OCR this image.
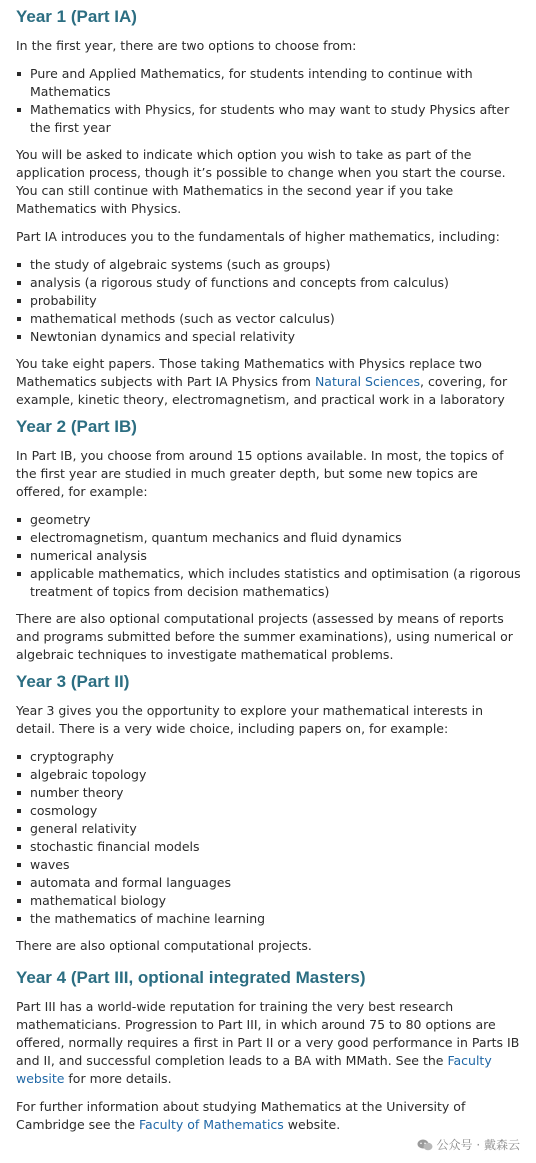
Year 1 (Part IA)

In the first year, there are two options to choose from:

Pure and Applied Mathematics, for students intending to continue with Mathematics
Mathematics with Physics, for students who may want to study Physics after the first year

You will be asked to indicate which option you wish to take as part of the application process, though it’s possible to change when you start the course. You can still continue with Mathematics in the second year if you take Mathematics with Physics.

Part IA introduces you to the fundamentals of higher mathematics, including:

the study of algebraic systems (such as groups)
analysis (a rigorous study of functions and concepts from calculus)
probability
mathematical methods (such as vector calculus)
Newtonian dynamics and special relativity

You take eight papers. Those taking Mathematics with Physics replace two Mathematics subjects with Part IA Physics from Natural Sciences, covering, for example, kinetic theory, electromagnetism, and practical work in a laboratory

Year 2 (Part IB)

In Part IB, you choose from around 15 options available. In most, the topics of the first year are studied in much greater depth, but some new topics are offered, for example:

geometry
electromagnetism, quantum mechanics and fluid dynamics
numerical analysis
applicable mathematics, which includes statistics and optimisation (a rigorous treatment of topics from decision mathematics)

There are also optional computational projects (assessed by means of reports and programs submitted before the summer examinations), using numerical or algebraic techniques to investigate mathematical problems.

Year 3 (Part II)

Year 3 gives you the opportunity to explore your mathematical interests in detail. There is a very wide choice, including papers on, for example:

cryptography
algebraic topology
number theory
cosmology
general relativity
stochastic financial models
waves
automata and formal languages
mathematical biology
the mathematics of machine learning

There are also optional computational projects.

Year 4 (Part III, optional integrated Masters)

Part III has a world-wide reputation for training the very best research mathematicians. Progression to Part III, in which around 75 to 80 options are offered, normally requires a first in Part II or a very good performance in Parts IB and II, and successful completion leads to a BA with MMath. See the Faculty website for more details.

For further information about studying Mathematics at the University of Cambridge see the Faculty of Mathematics website.

公众号 · 戴森云
